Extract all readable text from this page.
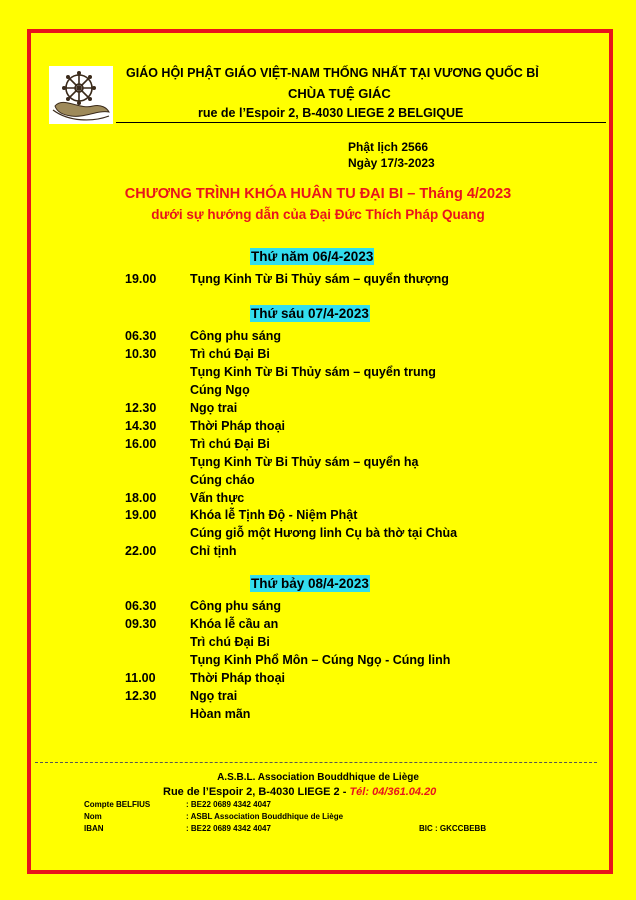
GIÁO HỘI PHẬT GIÁO VIỆT-NAM THỐNG NHẤT TẠI VƯƠNG QUỐC BỈ
CHÙA TUỆ GIÁC
rue de l’Espoir 2, B-4030 LIEGE 2 BELGIQUE
Phật lịch 2566
Ngày 17/3-2023
CHƯƠNG TRÌNH KHÓA HUÂN TU ĐẠI BI – Tháng 4/2023
dưới sự hướng dẫn của Đại Đức Thích Pháp Quang
Thứ năm 06/4-2023
19.00	Tụng Kinh Từ Bi Thủy sám – quyển thượng
Thứ sáu 07/4-2023
06.30	Công phu sáng
10.30	Trì chú Đại Bi
Tụng Kinh Từ Bi Thủy sám – quyển trung
Cúng Ngọ
12.30	Ngọ trai
14.30	Thời Pháp thoại
16.00	Trì chú Đại Bi
Tụng Kinh Từ Bi Thủy sám – quyển hạ
Cúng cháo
18.00	Vấn thực
19.00	Khóa lễ Tịnh Độ - Niệm Phật
Cúng giỗ một Hương linh Cụ bà thờ tại Chùa
22.00	Chỉ tịnh
Thứ bảy 08/4-2023
06.30	Công phu sáng
09.30	Khóa lễ cầu an
Trì chú Đại Bi
Tụng Kinh Phổ Môn – Cúng Ngọ - Cúng linh
11.00	Thời Pháp thoại
12.30	Ngọ trai
Hòan mãn
A.S.B.L. Association Bouddhique de Liège
Rue de l’Espoir 2, B-4030 LIEGE 2 - Tél: 04/361.04.20
Compte BELFIUS	: BE22 0689 4342 4047
Nom	: ASBL Association Bouddhique de Liège
IBAN	: BE22 0689 4342 4047	BIC : GKCCBEBB
